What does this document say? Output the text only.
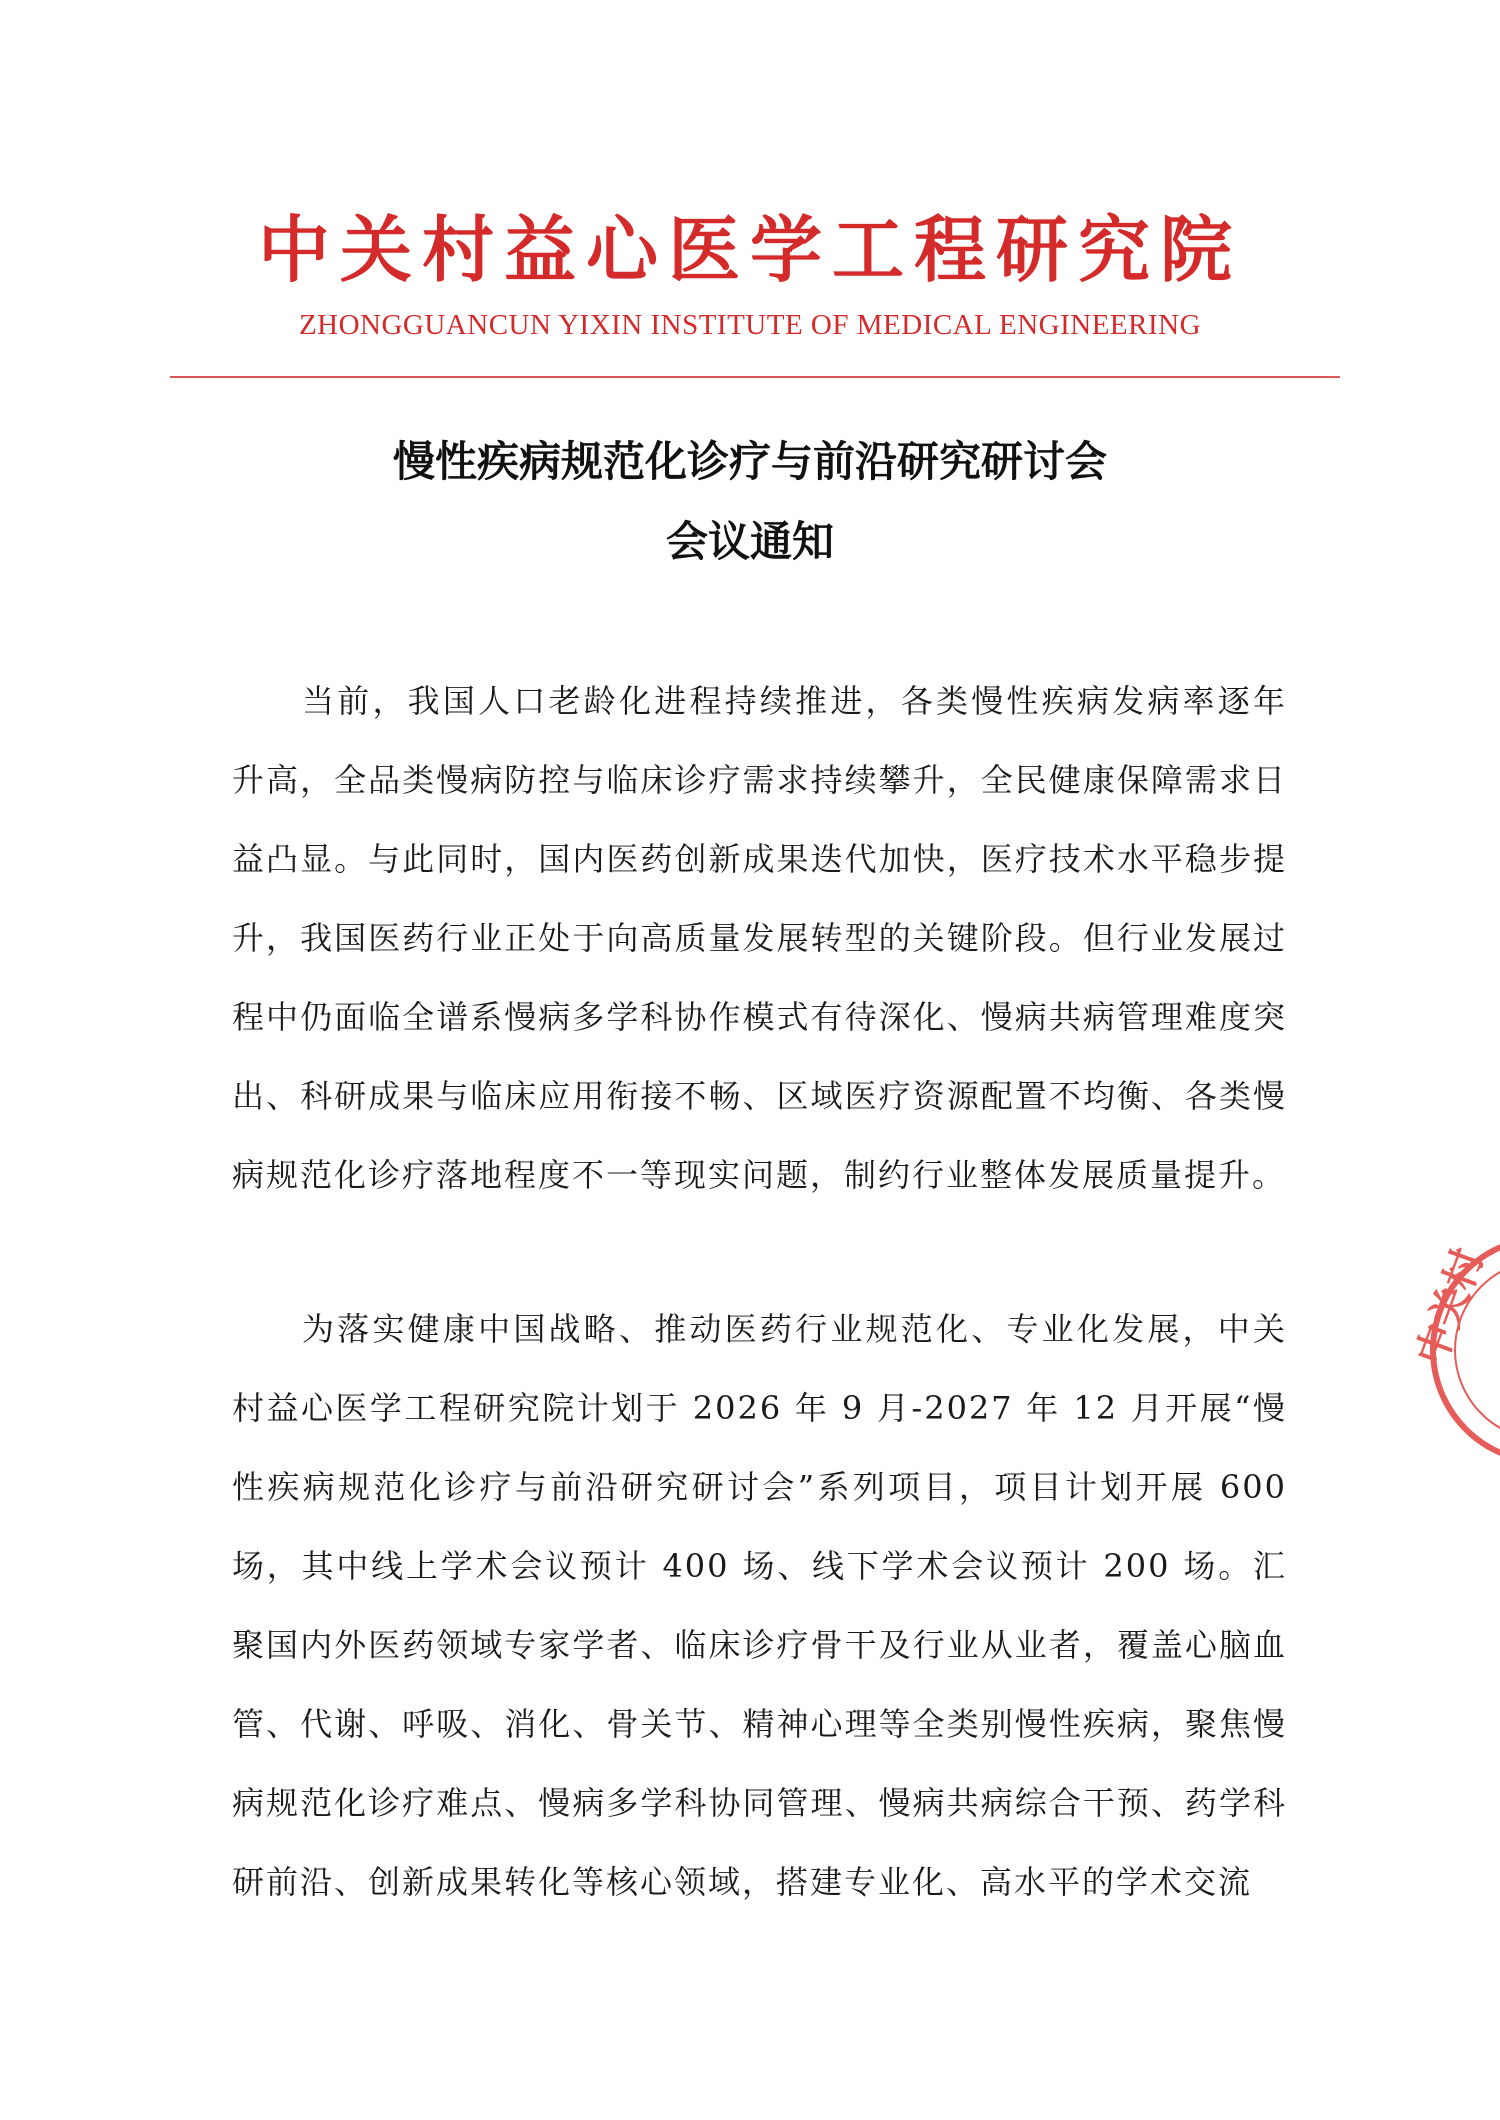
中关村益心医学工程研究院
ZHONGGUANCUN YIXIN INSTITUTE OF MEDICAL ENGINEERING
慢性疾病规范化诊疗与前沿研究研讨会
会议通知

当前，我国人口老龄化进程持续推进，各类慢性疾病发病率逐年升高，全品类慢病防控与临床诊疗需求持续攀升，全民健康保障需求日益凸显。与此同时，国内医药创新成果迭代加快，医疗技术水平稳步提升，我国医药行业正处于向高质量发展转型的关键阶段。但行业发展过程中仍面临全谱系慢病多学科协作模式有待深化、慢病共病管理难度突出、科研成果与临床应用衔接不畅、区域医疗资源配置不均衡、各类慢病规范化诊疗落地程度不一等现实问题，制约行业整体发展质量提升。

为落实健康中国战略、推动医药行业规范化、专业化发展，中关村益心医学工程研究院计划于 2026 年 9 月-2027 年 12 月开展“慢性疾病规范化诊疗与前沿研究研讨会”系列项目，项目计划开展 600 场，其中线上学术会议预计 400 场、线下学术会议预计 200 场。汇聚国内外医药领域专家学者、临床诊疗骨干及行业从业者，覆盖心脑血管、代谢、呼吸、消化、骨关节、精神心理等全类别慢性疾病，聚焦慢病规范化诊疗难点、慢病多学科协同管理、慢病共病综合干预、药学科研前沿、创新成果转化等核心领域，搭建专业化、高水平的学术交流

中关村
